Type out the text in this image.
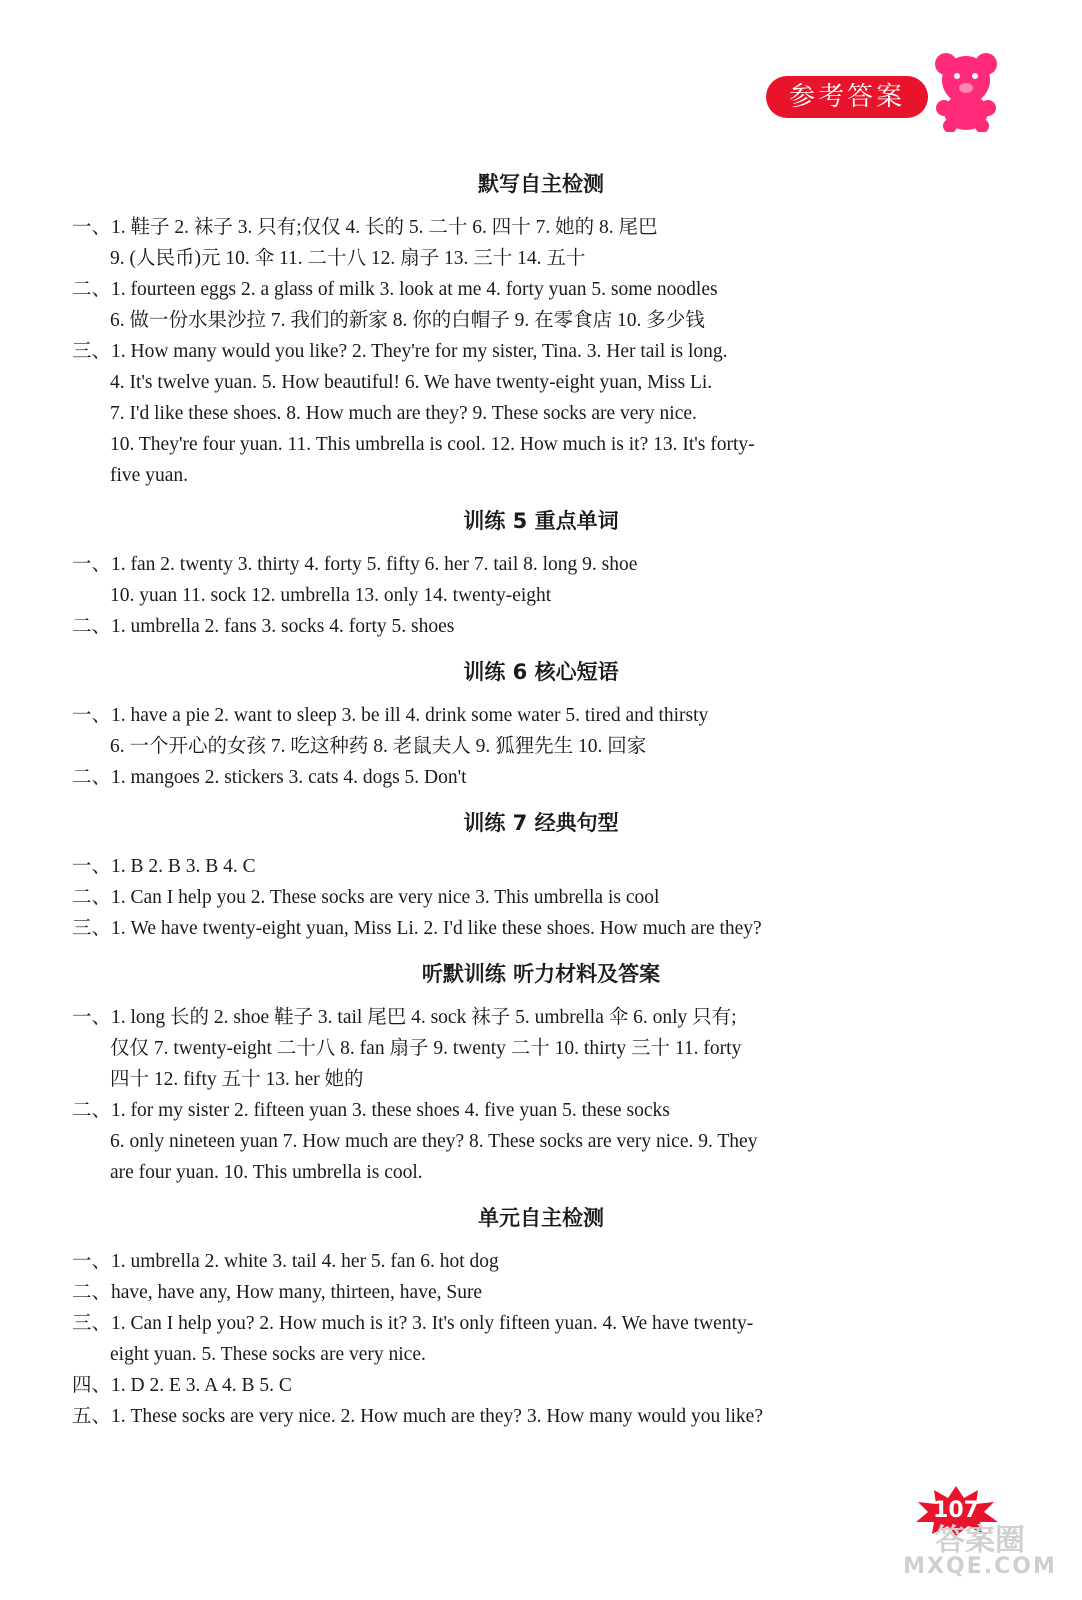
参考答案
默写自主检测
一、1. 鞋子 2. 袜子 3. 只有;仅仅 4. 长的 5. 二十 6. 四十 7. 她的 8. 尾巴
9. (人民币)元 10. 伞 11. 二十八 12. 扇子 13. 三十 14. 五十
二、1. fourteen eggs 2. a glass of milk 3. look at me 4. forty yuan 5. some noodles
6. 做一份水果沙拉 7. 我们的新家 8. 你的白帽子 9. 在零食店 10. 多少钱
三、1. How many would you like? 2. They're for my sister, Tina. 3. Her tail is long.
4. It's twelve yuan. 5. How beautiful! 6. We have twenty-eight yuan, Miss Li.
7. I'd like these shoes. 8. How much are they? 9. These socks are very nice.
10. They're four yuan. 11. This umbrella is cool. 12. How much is it? 13. It's forty-
five yuan.
训练 5 重点单词
一、1. fan 2. twenty 3. thirty 4. forty 5. fifty 6. her 7. tail 8. long 9. shoe
10. yuan 11. sock 12. umbrella 13. only 14. twenty-eight
二、1. umbrella 2. fans 3. socks 4. forty 5. shoes
训练 6 核心短语
一、1. have a pie 2. want to sleep 3. be ill 4. drink some water 5. tired and thirsty
6. 一个开心的女孩 7. 吃这种药 8. 老鼠夫人 9. 狐狸先生 10. 回家
二、1. mangoes 2. stickers 3. cats 4. dogs 5. Don't
训练 7 经典句型
一、1. B 2. B 3. B 4. C
二、1. Can I help you 2. These socks are very nice 3. This umbrella is cool
三、1. We have twenty-eight yuan, Miss Li. 2. I'd like these shoes. How much are they?
听默训练 听力材料及答案
一、1. long 长的 2. shoe 鞋子 3. tail 尾巴 4. sock 袜子 5. umbrella 伞 6. only 只有;
仅仅 7. twenty-eight 二十八 8. fan 扇子 9. twenty 二十 10. thirty 三十 11. forty
四十 12. fifty 五十 13. her 她的
二、1. for my sister 2. fifteen yuan 3. these shoes 4. five yuan 5. these socks
6. only nineteen yuan 7. How much are they? 8. These socks are very nice. 9. They
are four yuan. 10. This umbrella is cool.
单元自主检测
一、1. umbrella 2. white 3. tail 4. her 5. fan 6. hot dog
二、have, have any, How many, thirteen, have, Sure
三、1. Can I help you? 2. How much is it? 3. It's only fifteen yuan. 4. We have twenty-
eight yuan. 5. These socks are very nice.
四、1. D 2. E 3. A 4. B 5. C
五、1. These socks are very nice. 2. How much are they? 3. How many would you like?
107
答案圈
MXQE.COM
